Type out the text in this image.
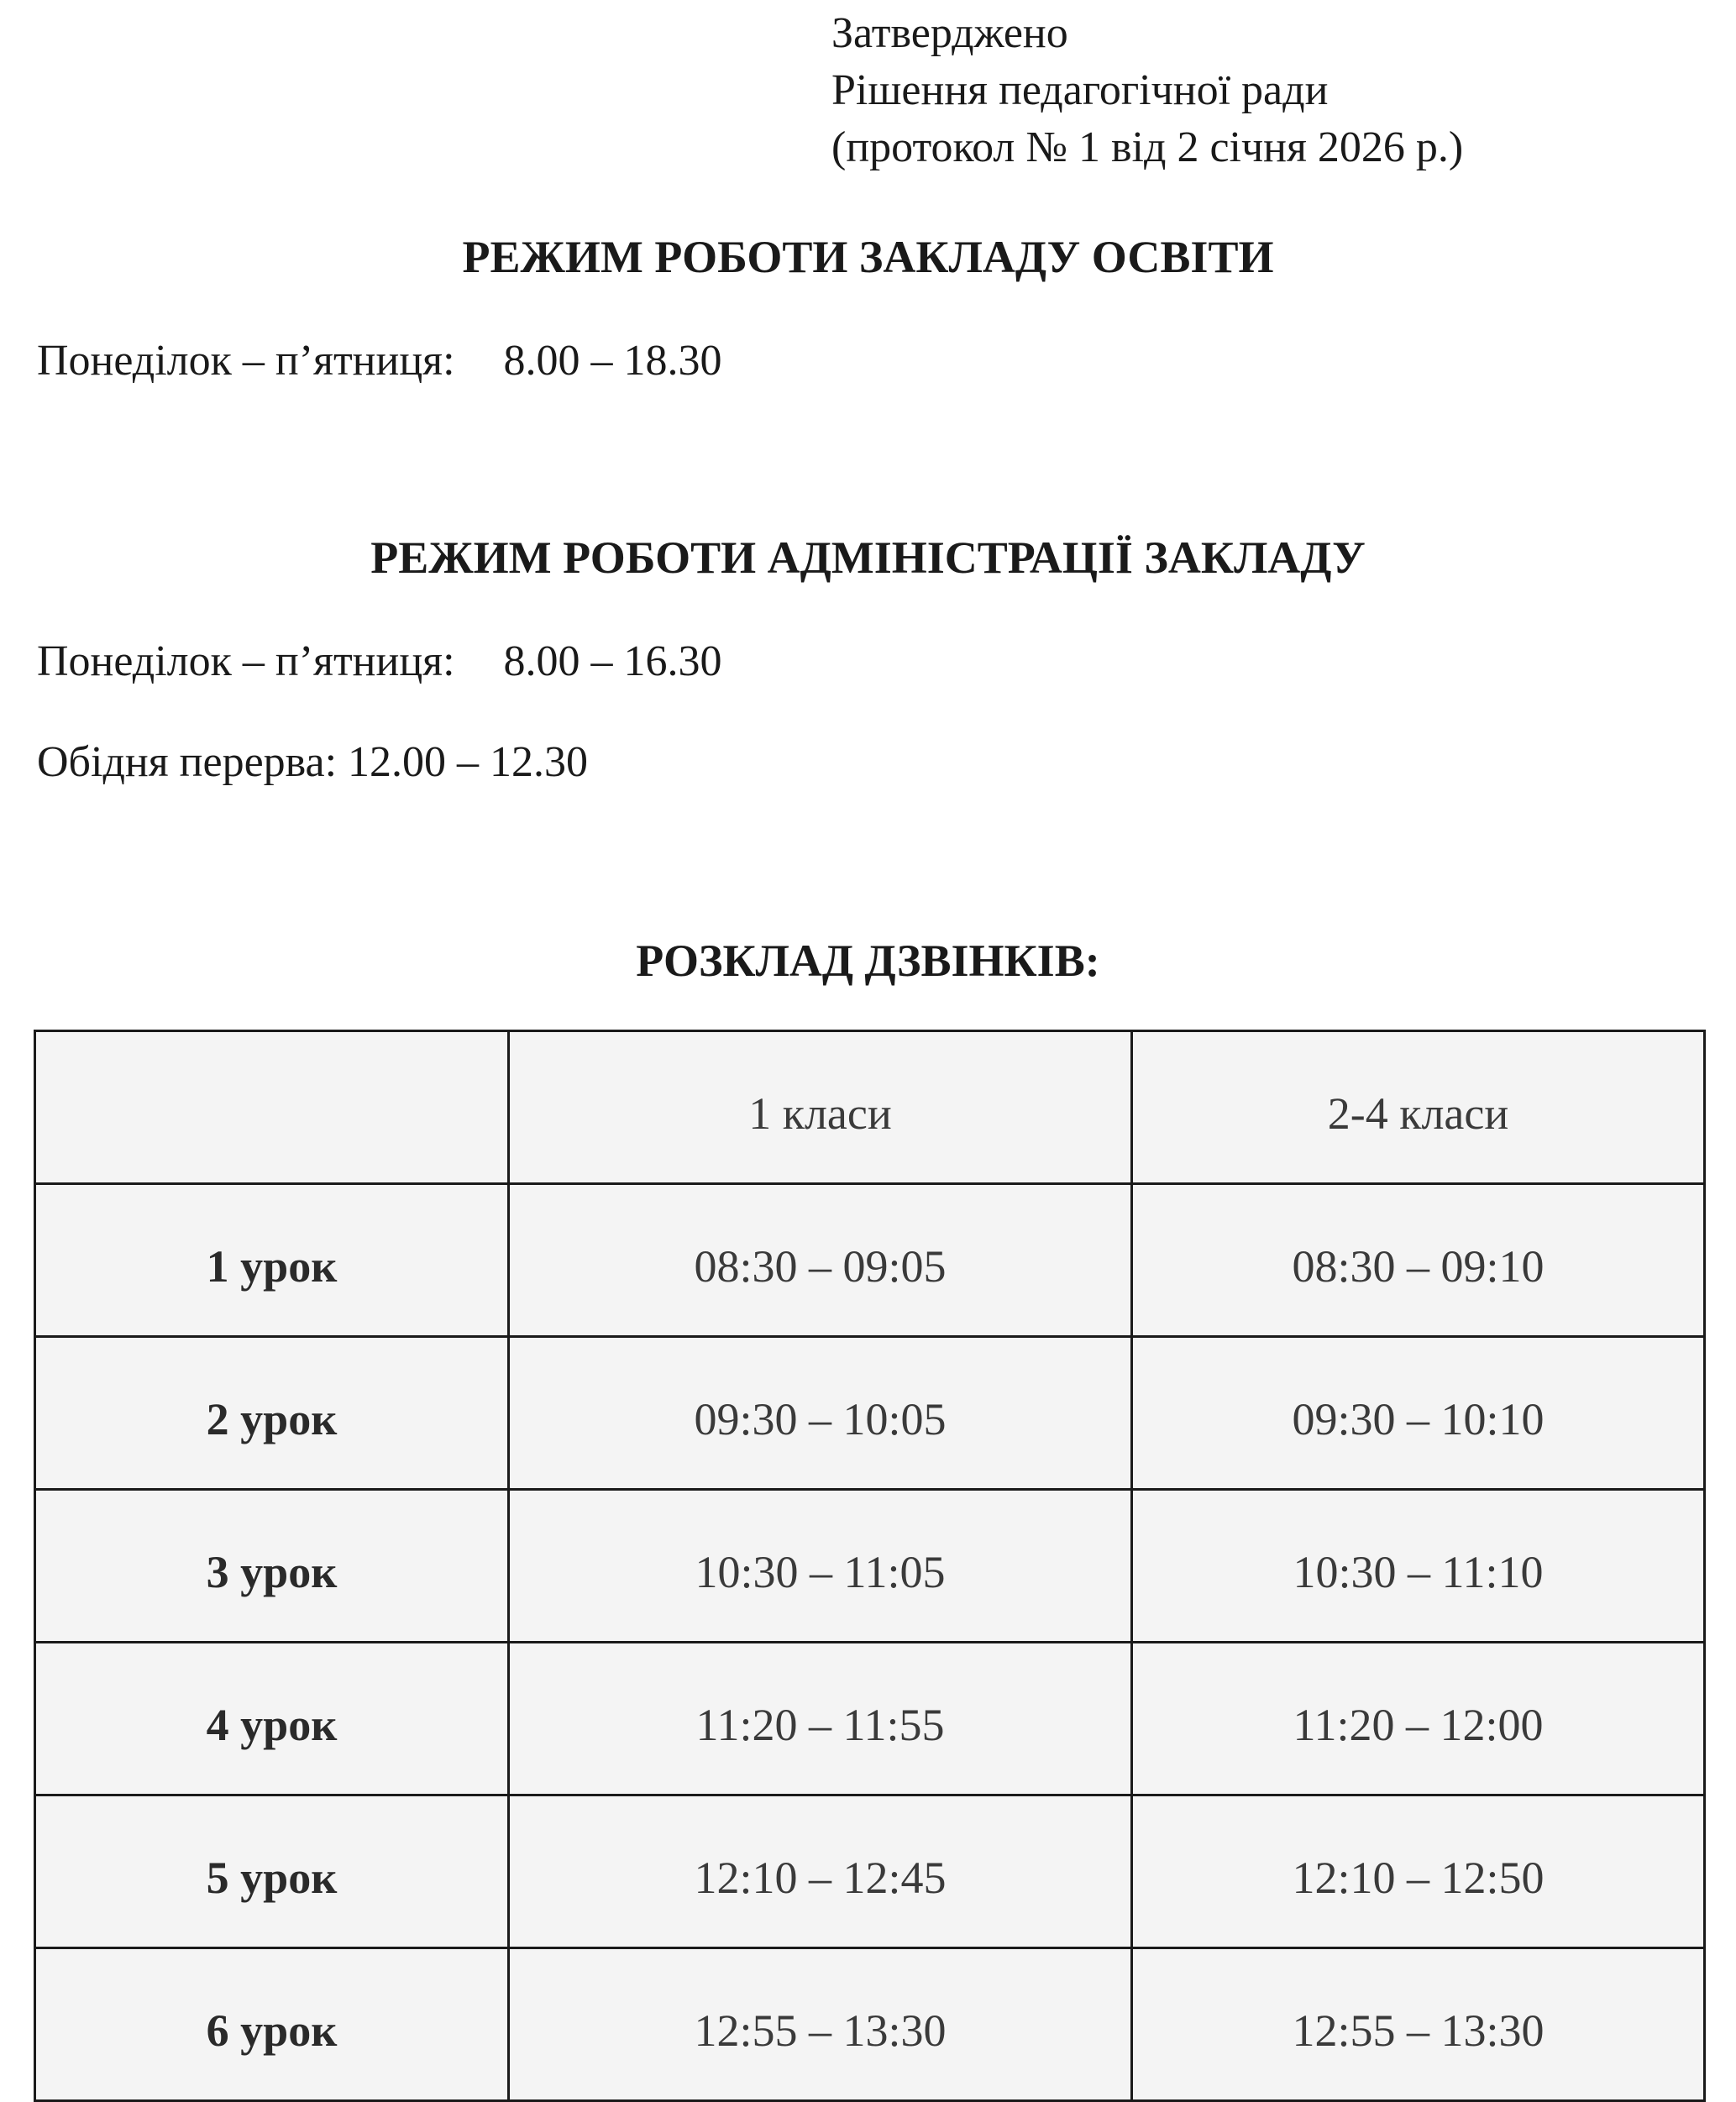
Затверджено
Рішення педагогічної ради
(протокол № 1 від 2 січня 2026 р.)
РЕЖИМ РОБОТИ ЗАКЛАДУ ОСВІТИ
Понеділок – п’ятниця: 8.00 – 18.30
РЕЖИМ РОБОТИ АДМІНІСТРАЦІЇ ЗАКЛАДУ
Понеділок – п’ятниця: 8.00 – 16.30
Обідня перерва: 12.00 – 12.30
РОЗКЛАД ДЗВІНКІВ:
	1 класи	2-4 класи
1 урок	08:30 – 09:05	08:30 – 09:10
2 урок	09:30 – 10:05	09:30 – 10:10
3 урок	10:30 – 11:05	10:30 – 11:10
4 урок	11:20 – 11:55	11:20 – 12:00
5 урок	12:10 – 12:45	12:10 – 12:50
6 урок	12:55 – 13:30	12:55 – 13:30
